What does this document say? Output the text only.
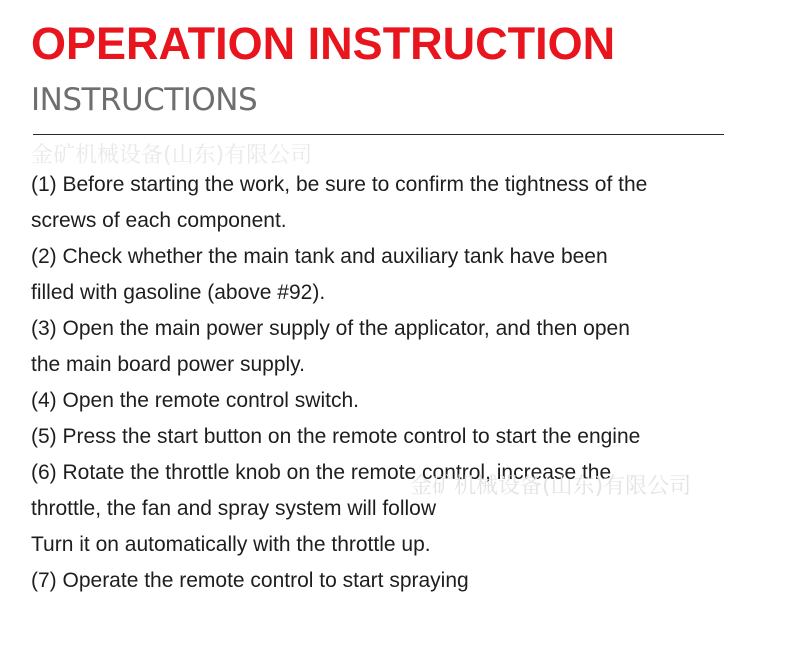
OPERATION INSTRUCTION
INSTRUCTIONS
金矿机械设备(山东)有限公司
(1) Before starting the work, be sure to confirm the tightness of the
screws of each component.
(2) Check whether the main tank and auxiliary tank have been
filled with gasoline (above #92).
(3) Open the main power supply of the applicator, and then open
the main board power supply.
(4) Open the remote control switch.
(5) Press the start button on the remote control to start the engine
(6) Rotate the throttle knob on the remote control, increase the
throttle, the fan and spray system will follow
Turn it on automatically with the throttle up.
(7) Operate the remote control to start spraying
金矿机械设备(山东)有限公司
